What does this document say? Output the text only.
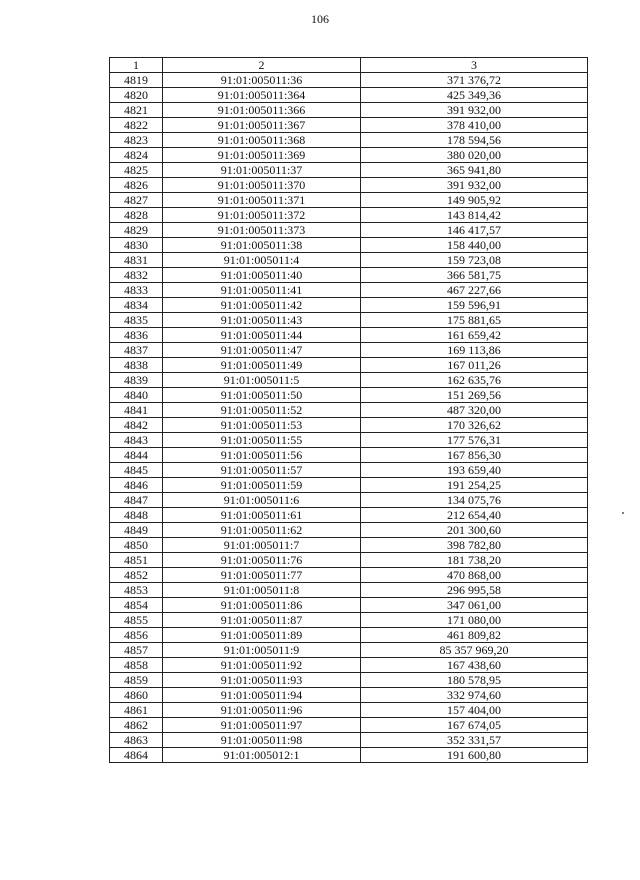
106
1	2	3
4819	91:01:005011:36	371 376,72
4820	91:01:005011:364	425 349,36
4821	91:01:005011:366	391 932,00
4822	91:01:005011:367	378 410,00
4823	91:01:005011:368	178 594,56
4824	91:01:005011:369	380 020,00
4825	91:01:005011:37	365 941,80
4826	91:01:005011:370	391 932,00
4827	91:01:005011:371	149 905,92
4828	91:01:005011:372	143 814,42
4829	91:01:005011:373	146 417,57
4830	91:01:005011:38	158 440,00
4831	91:01:005011:4	159 723,08
4832	91:01:005011:40	366 581,75
4833	91:01:005011:41	467 227,66
4834	91:01:005011:42	159 596,91
4835	91:01:005011:43	175 881,65
4836	91:01:005011:44	161 659,42
4837	91:01:005011:47	169 113,86
4838	91:01:005011:49	167 011,26
4839	91:01:005011:5	162 635,76
4840	91:01:005011:50	151 269,56
4841	91:01:005011:52	487 320,00
4842	91:01:005011:53	170 326,62
4843	91:01:005011:55	177 576,31
4844	91:01:005011:56	167 856,30
4845	91:01:005011:57	193 659,40
4846	91:01:005011:59	191 254,25
4847	91:01:005011:6	134 075,76
4848	91:01:005011:61	212 654,40
4849	91:01:005011:62	201 300,60
4850	91:01:005011:7	398 782,80
4851	91:01:005011:76	181 738,20
4852	91:01:005011:77	470 868,00
4853	91:01:005011:8	296 995,58
4854	91:01:005011:86	347 061,00
4855	91:01:005011:87	171 080,00
4856	91:01:005011:89	461 809,82
4857	91:01:005011:9	85 357 969,20
4858	91:01:005011:92	167 438,60
4859	91:01:005011:93	180 578,95
4860	91:01:005011:94	332 974,60
4861	91:01:005011:96	157 404,00
4862	91:01:005011:97	167 674,05
4863	91:01:005011:98	352 331,57
4864	91:01:005012:1	191 600,80
